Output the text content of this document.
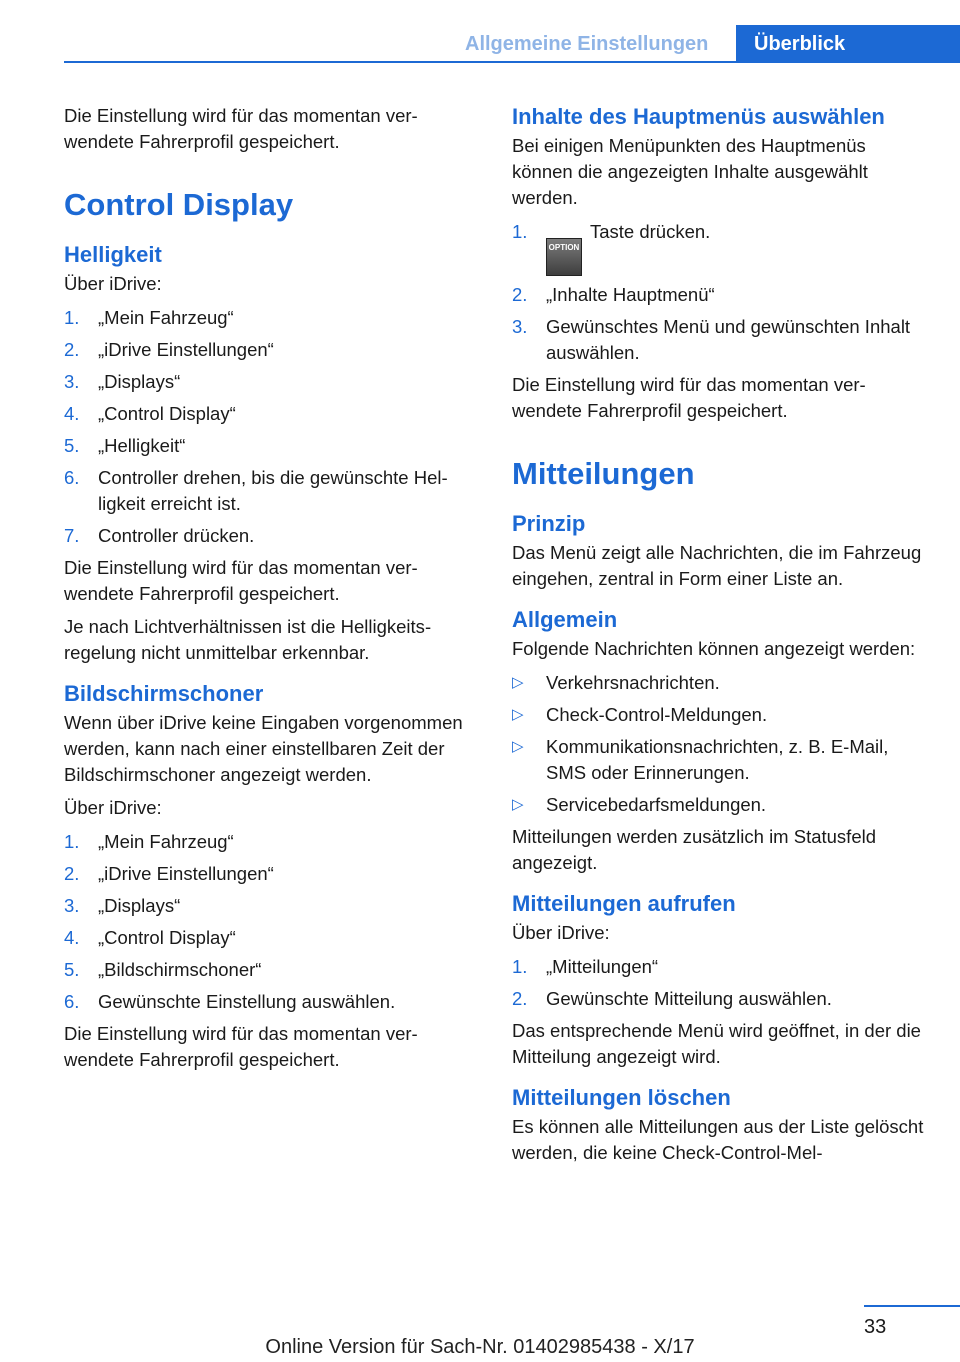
Allgemeine Einstellungen	Überblick

Die Einstellung wird für das momentan verwendete Fahrerprofil gespeichert.

Control Display
Helligkeit

Über iDrive:

1. „Mein Fahrzeug“
2. „iDrive Einstellungen“
3. „Displays“
4. „Control Display“
5. „Helligkeit“
6. Controller drehen, bis die gewünschte Helligkeit erreicht ist.
7. Controller drücken.

Die Einstellung wird für das momentan verwendete Fahrerprofil gespeichert.

Je nach Lichtverhältnissen ist die Helligkeitsregelung nicht unmittelbar erkennbar.

Bildschirmschoner

Wenn über iDrive keine Eingaben vorgenommen werden, kann nach einer einstellbaren Zeit der Bildschirmschoner angezeigt werden.

Über iDrive:

1. „Mein Fahrzeug“
2. „iDrive Einstellungen“
3. „Displays“
4. „Control Display“
5. „Bildschirmschoner“
6. Gewünschte Einstellung auswählen.

Die Einstellung wird für das momentan verwendete Fahrerprofil gespeichert.

Inhalte des Hauptmenüs auswählen

Bei einigen Menüpunkten des Hauptmenüs können die angezeigten Inhalte ausgewählt werden.

1.
OPTIONTaste drücken.
2. „Inhalte Hauptmenü“
3. Gewünschtes Menü und gewünschten Inhalt auswählen.

Die Einstellung wird für das momentan verwendete Fahrerprofil gespeichert.

Mitteilungen
Prinzip

Das Menü zeigt alle Nachrichten, die im Fahrzeug eingehen, zentral in Form einer Liste an.

Allgemein

Folgende Nachrichten können angezeigt werden:

▷ Verkehrsnachrichten.
▷ Check-Control-Meldungen.
▷ Kommunikationsnachrichten, z. B. E-Mail, SMS oder Erinnerungen.
▷ Servicebedarfsmeldungen.

Mitteilungen werden zusätzlich im Statusfeld angezeigt.

Mitteilungen aufrufen

Über iDrive:

1. „Mitteilungen“
2. Gewünschte Mitteilung auswählen.

Das entsprechende Menü wird geöffnet, in der die Mitteilung angezeigt wird.

Mitteilungen löschen

Es können alle Mitteilungen aus der Liste gelöscht werden, die keine Check-Control-Mel-

33
Online Version für Sach-Nr. 01402985438 - X/17
